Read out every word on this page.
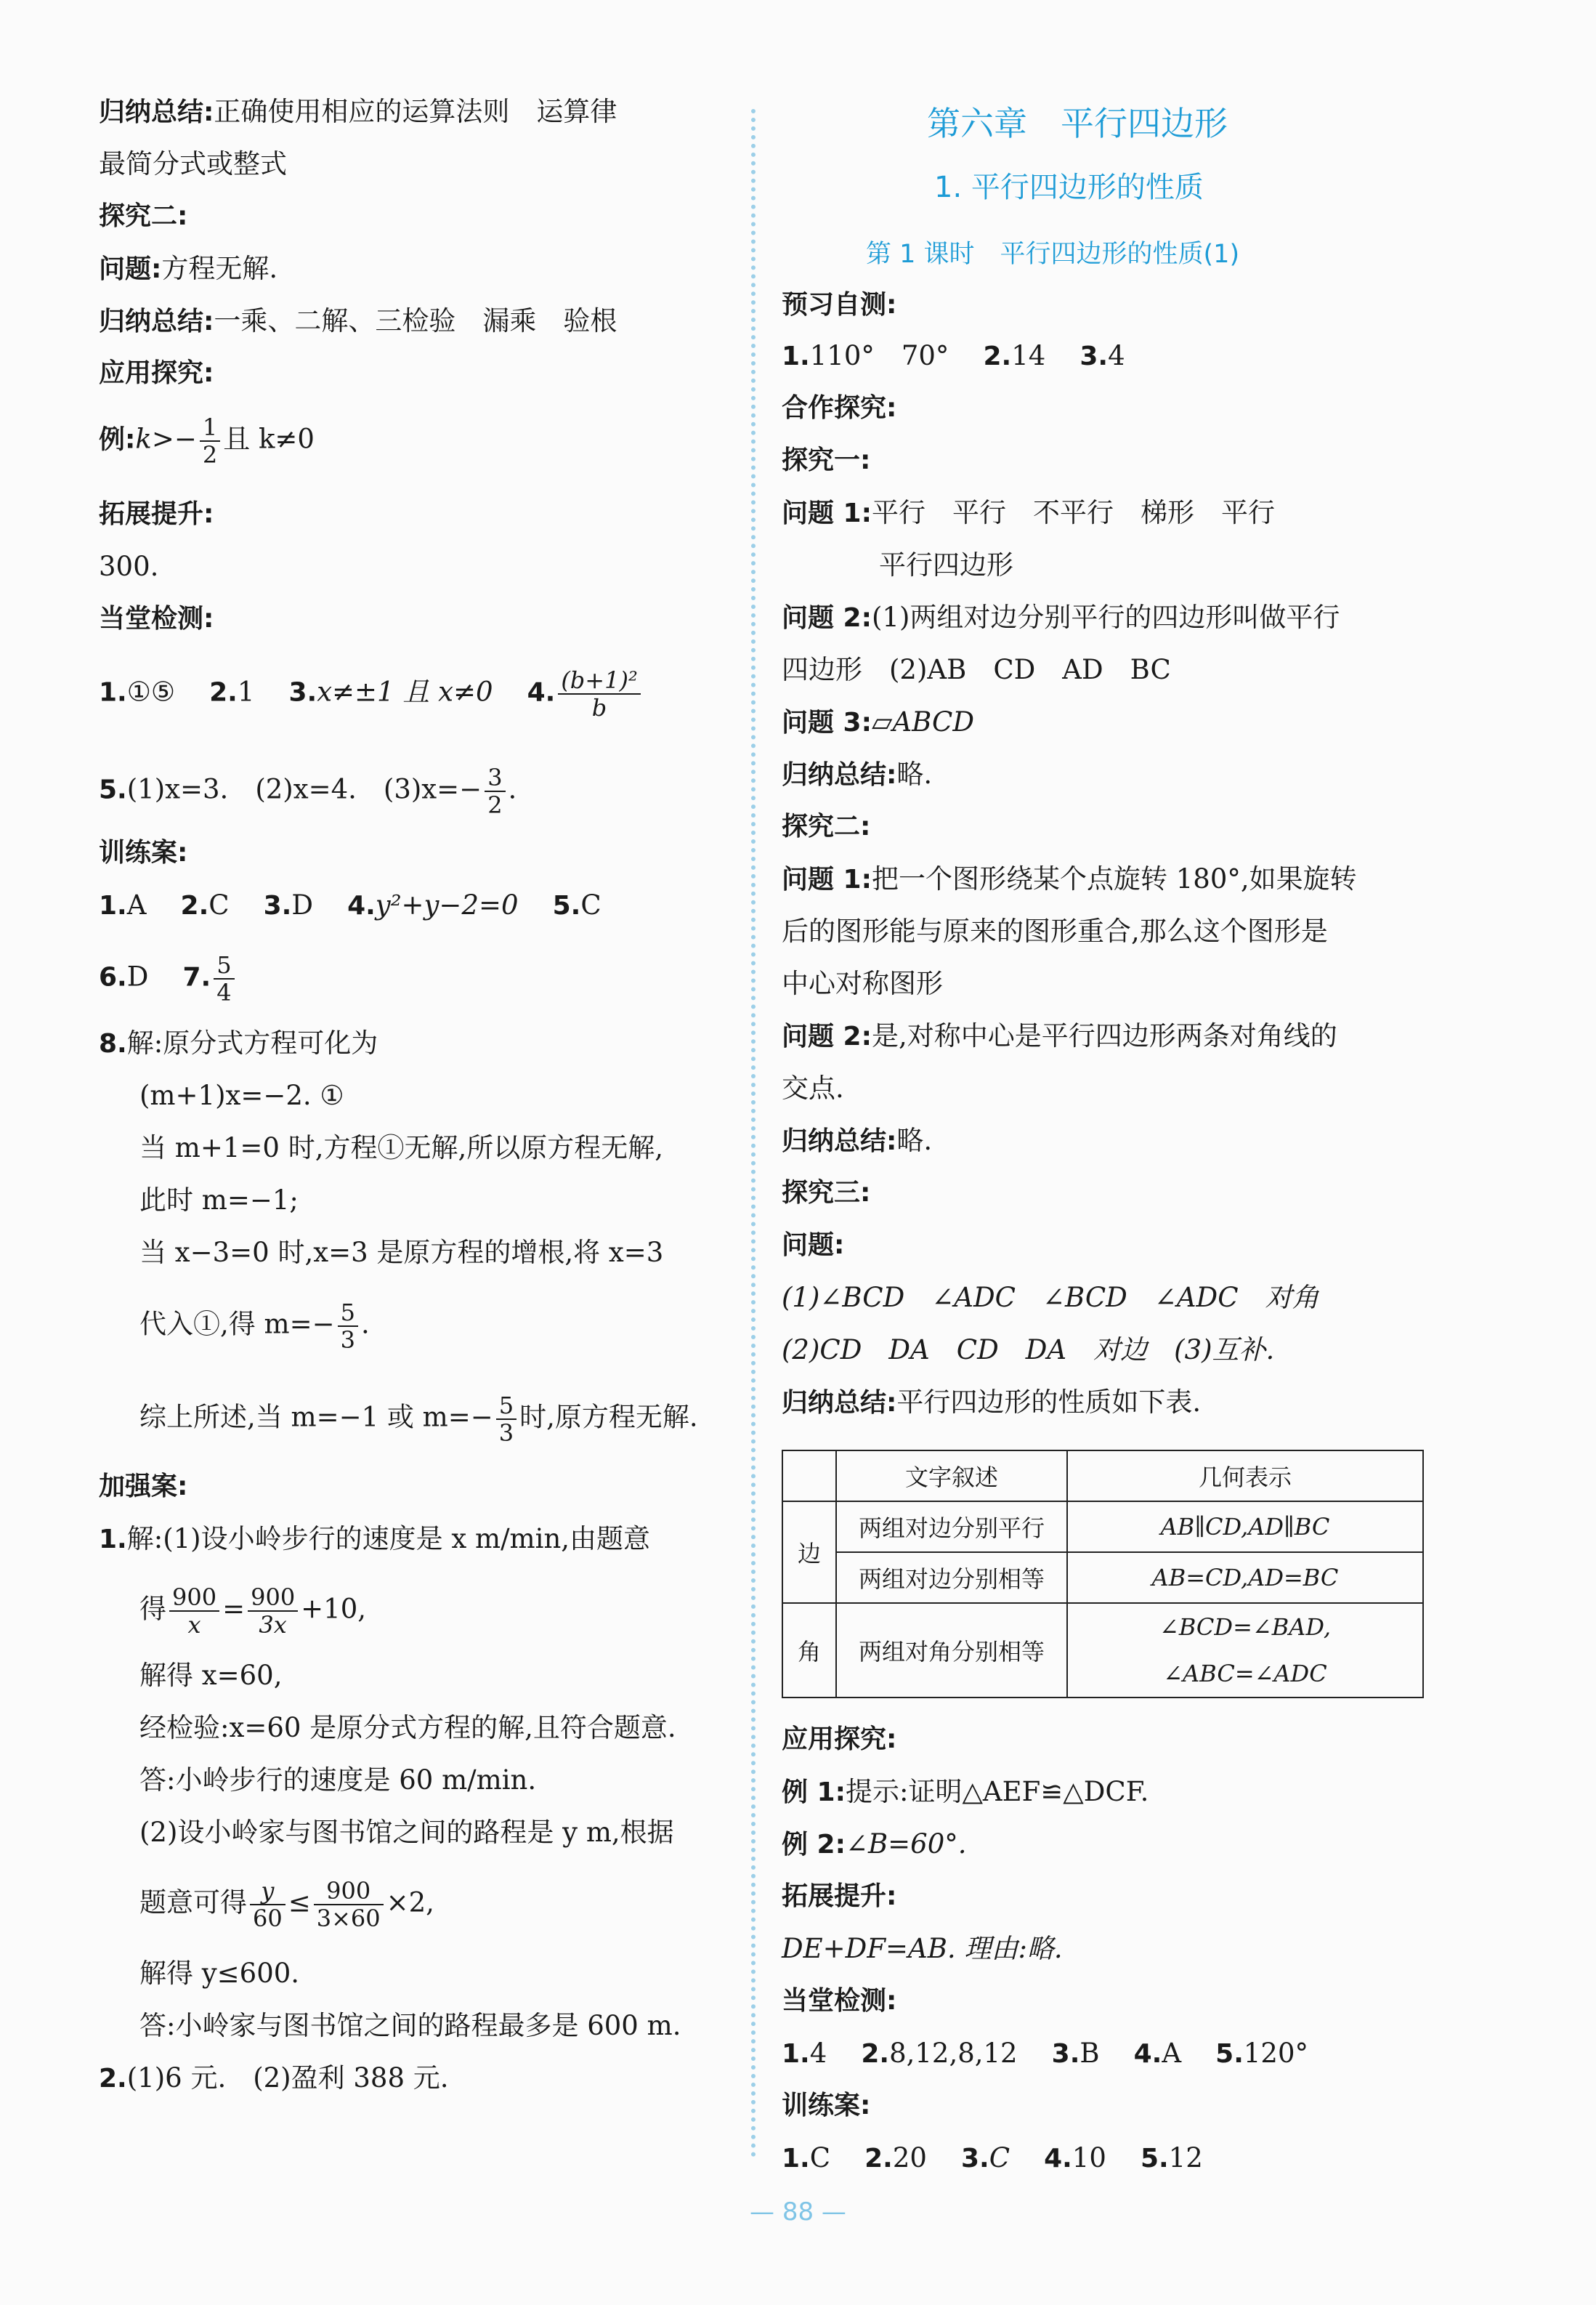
归纳总结:正确使用相应的运算法则　运算律
最简分式或整式
探究二:
问题:方程无解.
归纳总结:一乘、二解、三检验　漏乘　验根
应用探究:
例:k>− $\frac{1}{2}$ 且 k≠0
拓展提升:
300.
当堂检测:
1.①⑤ 2.1 3.x≠±1 且 x≠0 4. $\frac{\text{(b+1)²}}{b}$
5.(1)x=3.　(2)x=4.　$(3)x=- \frac{3}{2}$ .
训练案:
1.A 2.C 3.D 4.y²+y−2=0 5.C
6.D 7. $\frac{5}{4}$
8.解:原分式方程可化为
(m+1)x=−2. ①
当 m+1=0 时,方程①无解,所以原方程无解,
此时 m=−1;
当 x−3=0 时,x=3 是原方程的增根,将 x=3
代入①,得 $m=- \frac{5}{3}$ .
综上所述,当 m=−1 或 $m=- \frac{5}{3}$ 时,原方程无解.
加强案:
1.解:(1)设小岭步行的速度是 x m/min,由题意
得 $\frac{900}{x} = \frac{900}{3x} +10$,
解得 x=60,
经检验:x=60 是原分式方程的解,且符合题意.
答:小岭步行的速度是 60 m/min.
(2)设小岭家与图书馆之间的路程是 y m,根据
题意可得 $\frac{y}{60} \le \frac{900}{3\times 60} \times 2$,
解得 y≤600.
答:小岭家与图书馆之间的路程最多是 600 m.
2.(1)6 元.　(2)盈利 388 元.
第六章　平行四边形
1. 平行四边形的性质
第 1 课时　平行四边形的性质(1)
预习自测:
1.110°　70° 2.14 3.4
合作探究:
探究一:
问题 1:平行　平行　不平行　梯形　平行
平行四边形
问题 2:(1)两组对边分别平行的四边形叫做平行
四边形　(2)AB　CD　AD　BC
问题 3:▱ABCD
归纳总结:略.
探究二:
问题 1:把一个图形绕某个点旋转 180°,如果旋转
后的图形能与原来的图形重合,那么这个图形是
中心对称图形
问题 2:是,对称中心是平行四边形两条对角线的
交点.
归纳总结:略.
探究三:
问题:
(1)∠BCD　∠ADC　∠BCD　∠ADC　对角
(2)CD　DA　CD　DA　对边　(3)互补.
归纳总结:平行四边形的性质如下表.
	文字叙述	几何表示
边	两组对边分别平行	AB∥CD,AD∥BC
	两组对边分别相等	AB=CD,AD=BC
角	两组对角分别相等	∠BCD=∠BAD,
∠ABC=∠ADC
应用探究:
例 1:提示:证明△AEF≌△DCF.
例 2:∠B=60°.
拓展提升:
DE+DF=AB. 理由:略.
当堂检测:
1.4 2.8,12,8,12 3.B 4.A 5.120°
训练案:
1.C 2.20 3.C 4.10 5.12
— 88 —
